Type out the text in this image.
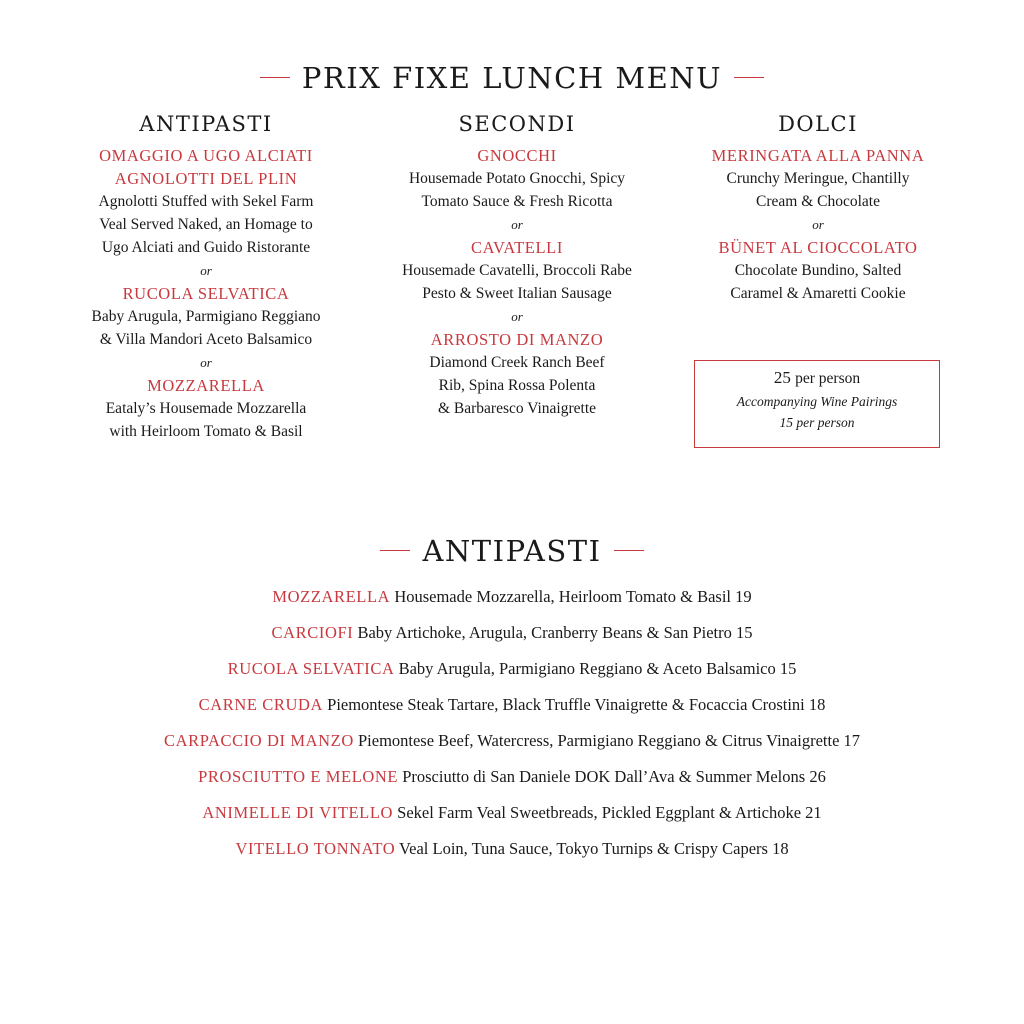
PRIX FIXE LUNCH MENU
ANTIPASTI
OMAGGIO A UGO ALCIATI
AGNOLOTTI DEL PLIN
Agnolotti Stuffed with Sekel Farm
Veal Served Naked, an Homage to
Ugo Alciati and Guido Ristorante
or
RUCOLA SELVATICA
Baby Arugula, Parmigiano Reggiano
& Villa Mandori Aceto Balsamico
or
MOZZARELLA
Eataly’s Housemade Mozzarella
with Heirloom Tomato & Basil
SECONDI
GNOCCHI
Housemade Potato Gnocchi, Spicy
Tomato Sauce & Fresh Ricotta
or
CAVATELLI
Housemade Cavatelli, Broccoli Rabe
Pesto & Sweet Italian Sausage
or
ARROSTO DI MANZO
Diamond Creek Ranch Beef
Rib, Spina Rossa Polenta
& Barbaresco Vinaigrette
DOLCI
MERINGATA ALLA PANNA
Crunchy Meringue, Chantilly
Cream & Chocolate
or
BÜNET AL CIOCCOLATO
Chocolate Bundino, Salted
Caramel & Amaretti Cookie
25 per person
Accompanying Wine Pairings
15 per person
ANTIPASTI
MOZZARELLA Housemade Mozzarella, Heirloom Tomato & Basil 19
CARCIOFI Baby Artichoke, Arugula, Cranberry Beans & San Pietro 15
RUCOLA SELVATICA Baby Arugula, Parmigiano Reggiano & Aceto Balsamico 15
CARNE CRUDA Piemontese Steak Tartare, Black Truffle Vinaigrette & Focaccia Crostini 18
CARPACCIO DI MANZO Piemontese Beef, Watercress, Parmigiano Reggiano & Citrus Vinaigrette 17
PROSCIUTTO E MELONE Prosciutto di San Daniele DOK Dall’Ava & Summer Melons 26
ANIMELLE DI VITELLO Sekel Farm Veal Sweetbreads, Pickled Eggplant & Artichoke 21
VITELLO TONNATO Veal Loin, Tuna Sauce, Tokyo Turnips & Crispy Capers 18
